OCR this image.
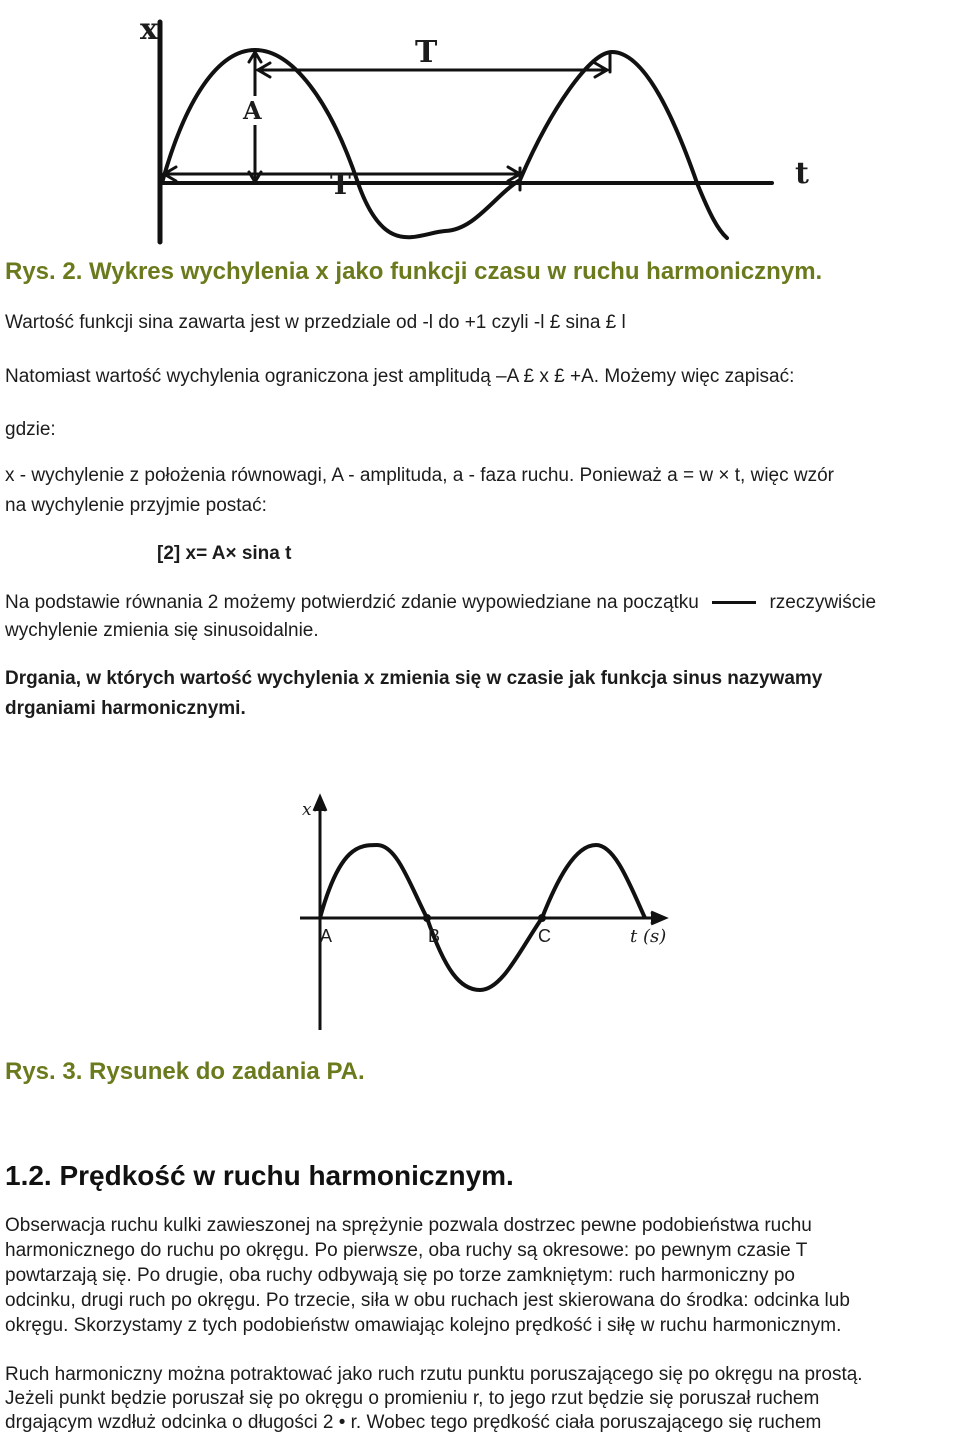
x
T
A
T	t
Rys. 2. Wykres wychylenia x jako funkcji czasu w ruchu harmonicznym.

Wartość funkcji sina zawarta jest w przedziale od -l do +1 czyli -l £ sina £ l

Natomiast wartość wychylenia ograniczona jest amplitudą –A £ x £ +A. Możemy więc zapisać:

gdzie:

x - wychylenie z położenia równowagi, A - amplituda, a - faza ruchu. Ponieważ a = w × t, więc wzór

na wychylenie przyjmie postać:

[2] x= A× sina t

Na podstawie równania 2 możemy potwierdzić zdanie wypowiedziane na początku	rzeczywiście

wychylenie zmienia się sinusoidalnie.

Drgania, w których wartość wychylenia x zmienia się w czasie jak funkcja sinus nazywamy

drganiami harmonicznymi.

x
A	B	C	t (s)
Rys. 3. Rysunek do zadania PA.
1.2. Prędkość w ruchu harmonicznym.
Obserwacja ruchu kulki zawieszonej na sprężynie pozwala dostrzec pewne podobieństwa ruchu
harmonicznego do ruchu po okręgu. Po pierwsze, oba ruchy są okresowe: po pewnym czasie T
powtarzają się. Po drugie, oba ruchy odbywają się po torze zamkniętym: ruch harmoniczny po
odcinku, drugi ruch po okręgu. Po trzecie, siła w obu ruchach jest skierowana do środka: odcinka lub
okręgu. Skorzystamy z tych podobieństw omawiając kolejno prędkość i siłę w ruchu harmonicznym.
Ruch harmoniczny można potraktować jako ruch rzutu punktu poruszającego się po okręgu na prostą.
Jeżeli punkt będzie poruszał się po okręgu o promieniu r, to jego rzut będzie się poruszał ruchem
drgającym wzdłuż odcinka o długości 2 • r. Wobec tego prędkość ciała poruszającego się ruchem
